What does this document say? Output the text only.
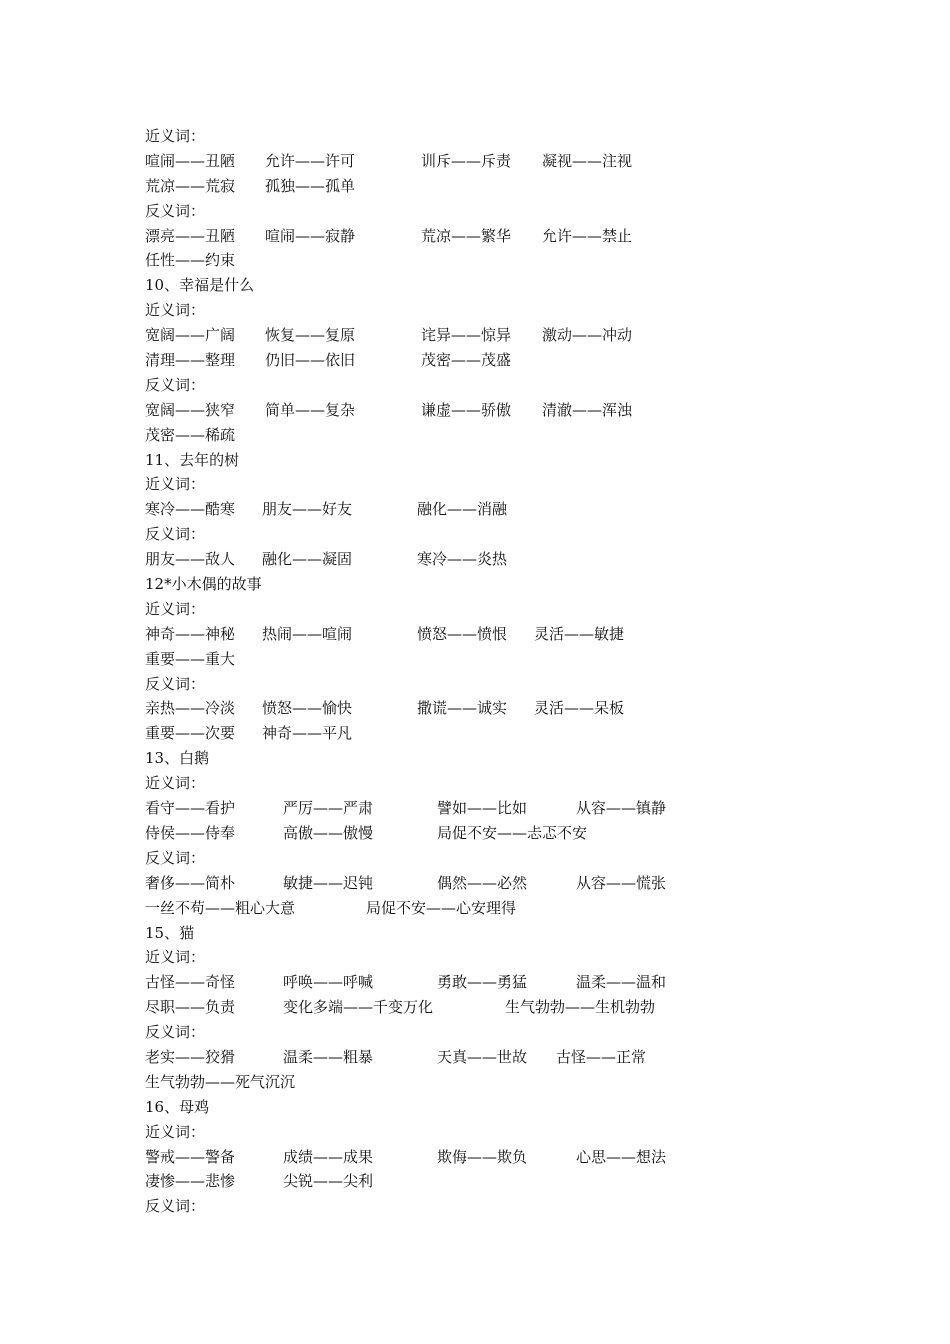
近义词：
喧闹——丑陋 允许——许可	训斥——斥责 凝视——注视
荒凉——荒寂 孤独——孤单
反义词：
漂亮——丑陋 喧闹——寂静	荒凉——繁华 允许——禁止
任性——约束
10、幸福是什么
近义词：
宽阔——广阔 恢复——复原	诧异——惊异 激动——冲动
清理——整理 仍旧——依旧	茂密——茂盛
反义词：
宽阔——狭窄 简单——复杂	谦虚——骄傲 清澈——浑浊
茂密——稀疏
11、去年的树
近义词：
寒冷——酷寒 朋友——好友	融化——消融
反义词：
朋友——敌人 融化——凝固	寒冷——炎热
12*小木偶的故事
近义词：
神奇——神秘 热闹——喧闹	愤怒——愤恨 灵活——敏捷
重要——重大
反义词：
亲热——冷淡 愤怒——愉快	撒谎——诚实 灵活——呆板
重要——次要 神奇——平凡
13、白鹅
近义词：
看守——看护	严厉——严肃	譬如——比如	从容——镇静
侍侯——侍奉	高傲——傲慢	局促不安——忐忑不安
反义词：
奢侈——简朴	敏捷——迟钝	偶然——必然	从容——慌张
一丝不苟——粗心大意	局促不安——心安理得
15、猫
近义词：
古怪——奇怪	呼唤——呼喊	勇敢——勇猛	温柔——温和
尽职——负责	变化多端——千变万化	生气勃勃——生机勃勃
反义词：
老实——狡猾	温柔——粗暴	天真——世故 古怪——正常
生气勃勃——死气沉沉
16、母鸡
近义词：
警戒——警备	成绩——成果	欺侮——欺负	心思——想法
凄惨——悲惨	尖锐——尖利
反义词：
